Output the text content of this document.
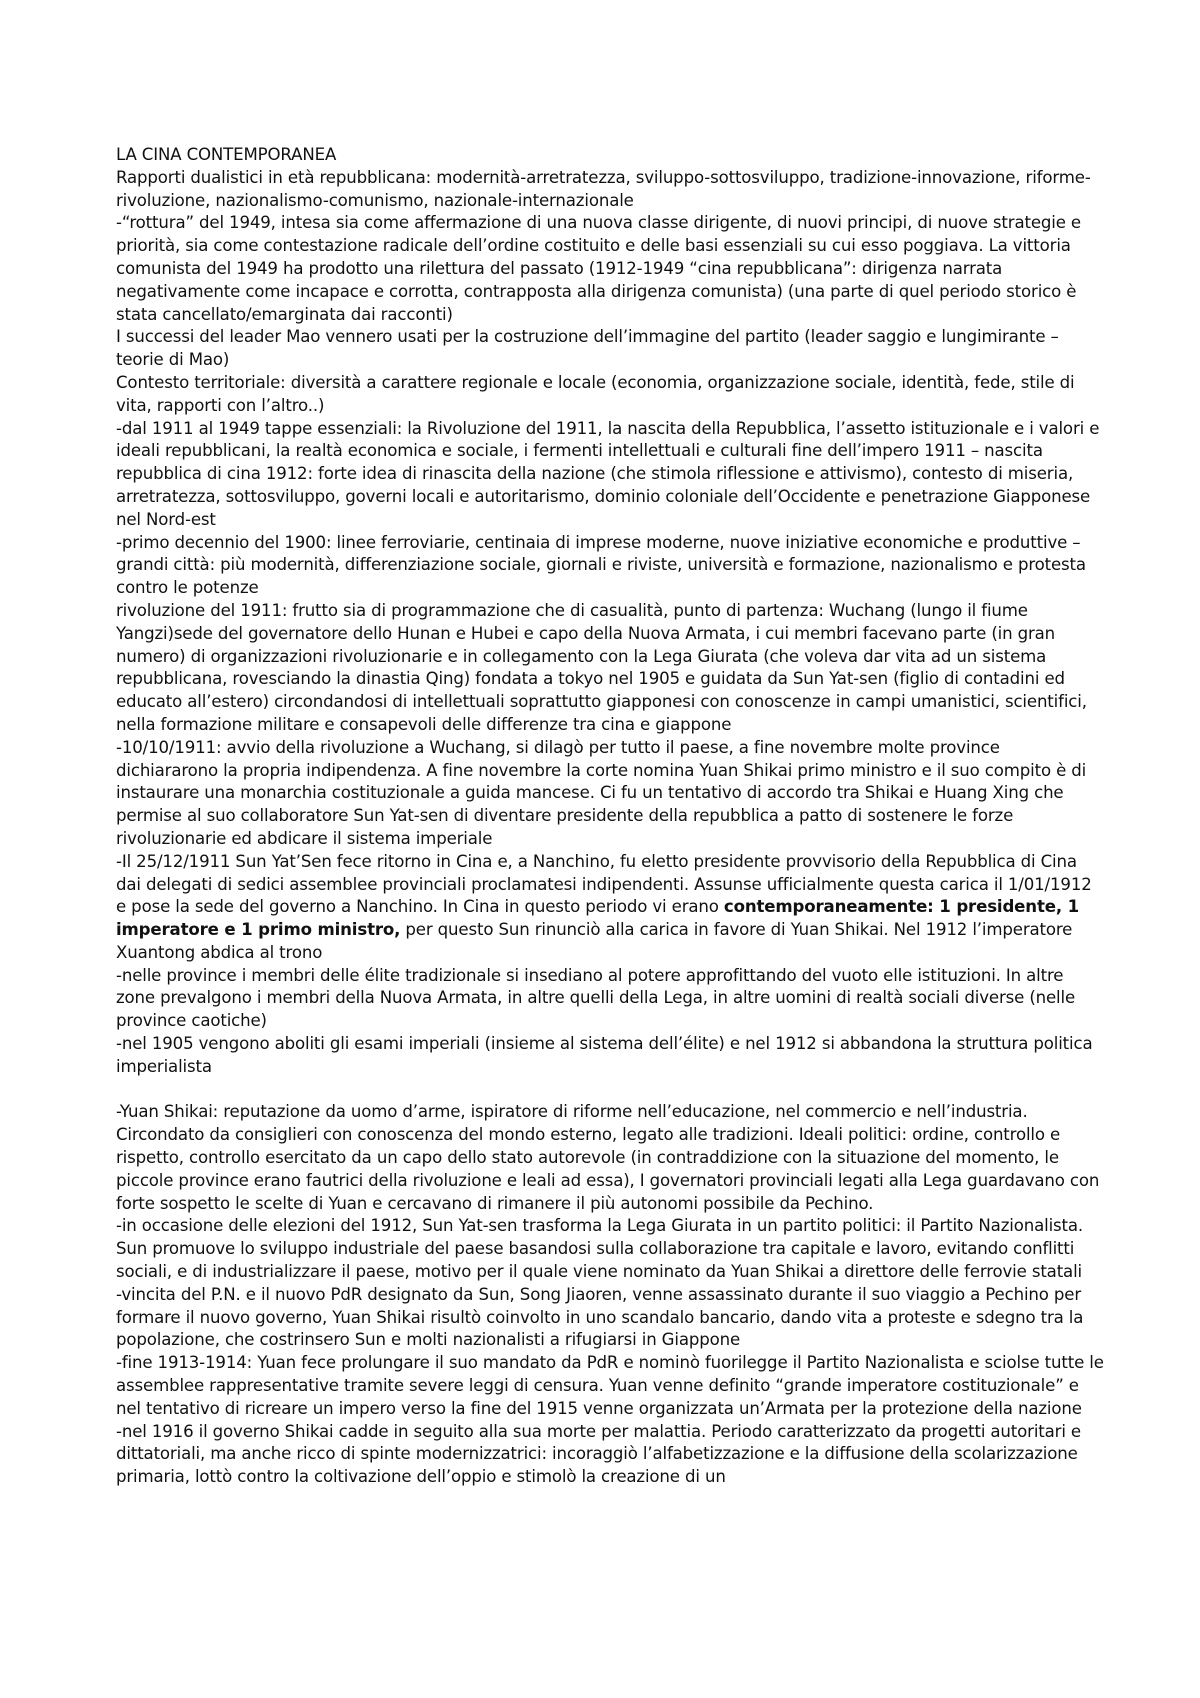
LA CINA CONTEMPORANEA

Rapporti dualistici in età repubblicana: modernità-arretratezza, sviluppo-sottosviluppo, tradizione-innovazione, riforme-rivoluzione, nazionalismo-comunismo, nazionale-internazionale

-“rottura” del 1949, intesa sia come affermazione di una nuova classe dirigente, di nuovi principi, di nuove strategie e priorità, sia come contestazione radicale dell’ordine costituito e delle basi essenziali su cui esso poggiava. La vittoria comunista del 1949 ha prodotto una rilettura del passato (1912-1949 “cina repubblicana”: dirigenza narrata negativamente come incapace e corrotta, contrapposta alla dirigenza comunista) (una parte di quel periodo storico è stata cancellato/emarginata dai racconti)

I successi del leader Mao vennero usati per la costruzione dell’immagine del partito (leader saggio e lungimirante – teorie di Mao)

Contesto territoriale: diversità a carattere regionale e locale (economia, organizzazione sociale, identità, fede, stile di vita, rapporti con l’altro..)

-dal 1911 al 1949 tappe essenziali: la Rivoluzione del 1911, la nascita della Repubblica, l’assetto istituzionale e i valori e ideali repubblicani, la realtà economica e sociale, i fermenti intellettuali e culturali fine dell’impero 1911 – nascita repubblica di cina 1912: forte idea di rinascita della nazione (che stimola riflessione e attivismo), contesto di miseria, arretratezza, sottosviluppo, governi locali e autoritarismo, dominio coloniale dell’Occidente e penetrazione Giapponese nel Nord-est

-primo decennio del 1900: linee ferroviarie, centinaia di imprese moderne, nuove iniziative economiche e produttive – grandi città: più modernità, differenziazione sociale, giornali e riviste, università e formazione, nazionalismo e protesta contro le potenze

rivoluzione del 1911: frutto sia di programmazione che di casualità, punto di partenza: Wuchang (lungo il fiume Yangzi)sede del governatore dello Hunan e Hubei e capo della Nuova Armata, i cui membri facevano parte (in gran numero) di organizzazioni rivoluzionarie e in collegamento con la Lega Giurata (che voleva dar vita ad un sistema repubblicana, rovesciando la dinastia Qing) fondata a tokyo nel 1905 e guidata da Sun Yat-sen (figlio di contadini ed educato all’estero) circondandosi di intellettuali soprattutto giapponesi con conoscenze in campi umanistici, scientifici, nella formazione militare e consapevoli delle differenze tra cina e giappone

-10/10/1911: avvio della rivoluzione a Wuchang, si dilagò per tutto il paese, a fine novembre molte province dichiararono la propria indipendenza. A fine novembre la corte nomina Yuan Shikai primo ministro e il suo compito è di instaurare una monarchia costituzionale a guida mancese. Ci fu un tentativo di accordo tra Shikai e Huang Xing che permise al suo collaboratore Sun Yat-sen di diventare presidente della repubblica a patto di sostenere le forze rivoluzionarie ed abdicare il sistema imperiale

-Il 25/12/1911 Sun Yat’Sen fece ritorno in Cina e, a Nanchino, fu eletto presidente provvisorio della Repubblica di Cina dai delegati di sedici assemblee provinciali proclamatesi indipendenti. Assunse ufficialmente questa carica il 1/01/1912 e pose la sede del governo a Nanchino. In Cina in questo periodo vi erano contemporaneamente: 1 presidente, 1 imperatore e 1 primo ministro, per questo Sun rinunciò alla carica in favore di Yuan Shikai. Nel 1912 l’imperatore Xuantong abdica al trono

-nelle province i membri delle élite tradizionale si insediano al potere approfittando del vuoto elle istituzioni. In altre zone prevalgono i membri della Nuova Armata, in altre quelli della Lega, in altre uomini di realtà sociali diverse (nelle province caotiche)

-nel 1905 vengono aboliti gli esami imperiali (insieme al sistema dell’élite) e nel 1912 si abbandona la struttura politica imperialista

-Yuan Shikai: reputazione da uomo d’arme, ispiratore di riforme nell’educazione, nel commercio e nell’industria. Circondato da consiglieri con conoscenza del mondo esterno, legato alle tradizioni. Ideali politici: ordine, controllo e rispetto, controllo esercitato da un capo dello stato autorevole (in contraddizione con la situazione del momento, le piccole province erano fautrici della rivoluzione e leali ad essa), I governatori provinciali legati alla Lega guardavano con forte sospetto le scelte di Yuan e cercavano di rimanere il più autonomi possibile da Pechino.

-in occasione delle elezioni del 1912, Sun Yat-sen trasforma la Lega Giurata in un partito politici: il Partito Nazionalista. Sun promuove lo sviluppo industriale del paese basandosi sulla collaborazione tra capitale e lavoro, evitando conflitti sociali, e di industrializzare il paese, motivo per il quale viene nominato da Yuan Shikai a direttore delle ferrovie statali

-vincita del P.N. e il nuovo PdR designato da Sun, Song Jiaoren, venne assassinato durante il suo viaggio a Pechino per formare il nuovo governo, Yuan Shikai risultò coinvolto in uno scandalo bancario, dando vita a proteste e sdegno tra la popolazione, che costrinsero Sun e molti nazionalisti a rifugiarsi in Giappone

-fine 1913-1914: Yuan fece prolungare il suo mandato da PdR e nominò fuorilegge il Partito Nazionalista e sciolse tutte le assemblee rappresentative tramite severe leggi di censura. Yuan venne definito “grande imperatore costituzionale” e nel tentativo di ricreare un impero verso la fine del 1915 venne organizzata un’Armata per la protezione della nazione

-nel 1916 il governo Shikai cadde in seguito alla sua morte per malattia. Periodo caratterizzato da progetti autoritari e dittatoriali, ma anche ricco di spinte modernizzatrici: incoraggiò l’alfabetizzazione e la diffusione della scolarizzazione primaria, lottò contro la coltivazione dell’oppio e stimolò la creazione di un
